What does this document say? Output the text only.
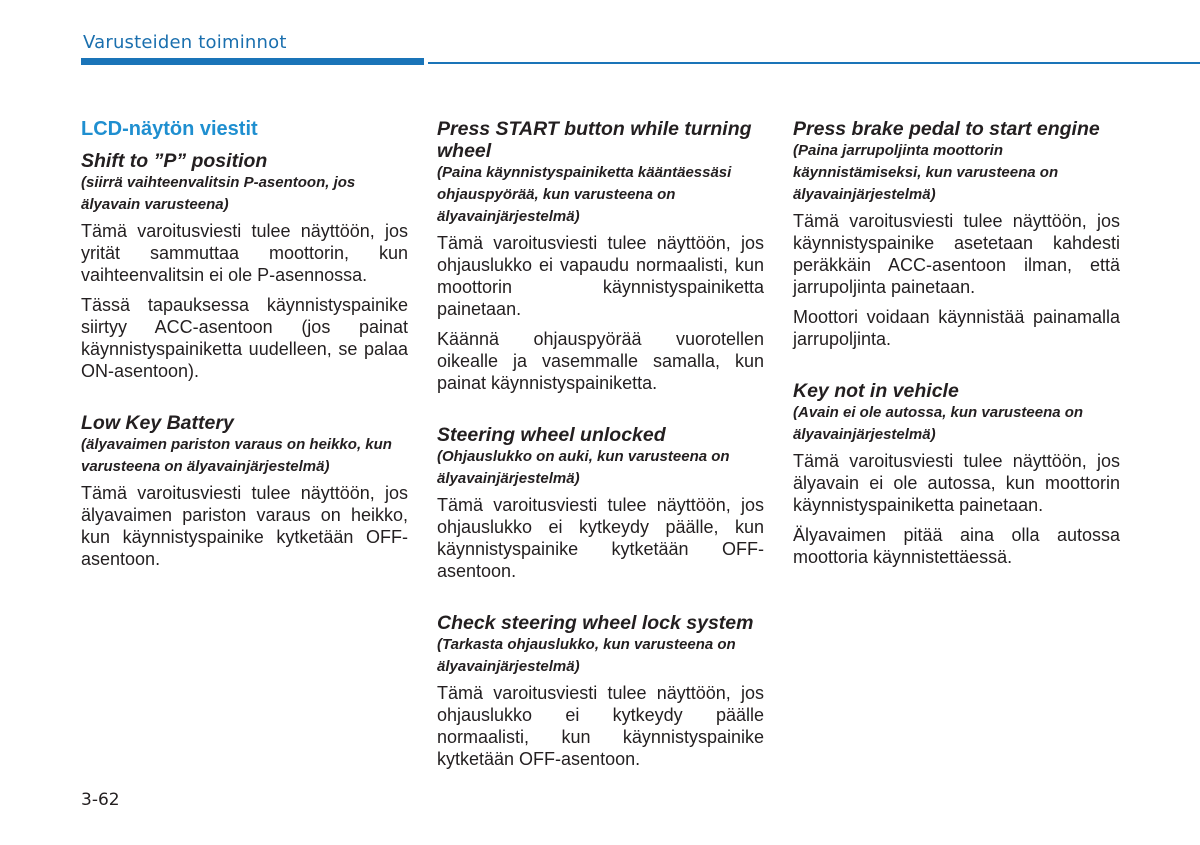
Varusteiden toiminnot
LCD-näytön viestit
Shift to ”P” position
(siirrä vaihteenvalitsin P-asentoon, jos älyavain varusteena)

Tämä varoitusviesti tulee näyttöön, jos yrität sammuttaa moottorin, kun vaihteenvalitsin ei ole P-asennossa.

Tässä tapauksessa käynnistyspainike siirtyy ACC-asentoon (jos painat käynnistyspainiketta uudelleen, se palaa ON-asentoon).

Low Key Battery
(älyavaimen pariston varaus on heikko, kun varusteena on älyavainjärjestelmä)

Tämä varoitusviesti tulee näyttöön, jos älyavaimen pariston varaus on heikko, kun käynnistyspainike kytketään OFF-asentoon.

Press START button while turning wheel
(Paina käynnistyspainiketta kääntäessäsi ohjauspyörää, kun varusteena on älyavainjärjestelmä)

Tämä varoitusviesti tulee näyttöön, jos ohjauslukko ei vapaudu normaalisti, kun moottorin käynnistyspainiketta painetaan.

Käännä ohjauspyörää vuorotellen oikealle ja vasemmalle samalla, kun painat käynnistyspainiketta.

Steering wheel unlocked
(Ohjauslukko on auki, kun varusteena on älyavainjärjestelmä)

Tämä varoitusviesti tulee näyttöön, jos ohjauslukko ei kytkeydy päälle, kun käynnistyspainike kytketään OFF-asentoon.

Check steering wheel lock system
(Tarkasta ohjauslukko, kun varusteena on älyavainjärjestelmä)

Tämä varoitusviesti tulee näyttöön, jos ohjauslukko ei kytkeydy päälle normaalisti, kun käynnistyspainike kytketään OFF-asentoon.

Press brake pedal to start engine
(Paina jarrupoljinta moottorin käynnistämiseksi, kun varusteena on älyavainjärjestelmä)

Tämä varoitusviesti tulee näyttöön, jos käynnistyspainike asetetaan kahdesti peräkkäin ACC-asentoon ilman, että jarrupoljinta painetaan.

Moottori voidaan käynnistää painamalla jarrupoljinta.

Key not in vehicle
(Avain ei ole autossa, kun varusteena on älyavainjärjestelmä)

Tämä varoitusviesti tulee näyttöön, jos älyavain ei ole autossa, kun moottorin käynnistyspainiketta painetaan.

Älyavaimen pitää aina olla autossa moottoria käynnistettäessä.

3-62
